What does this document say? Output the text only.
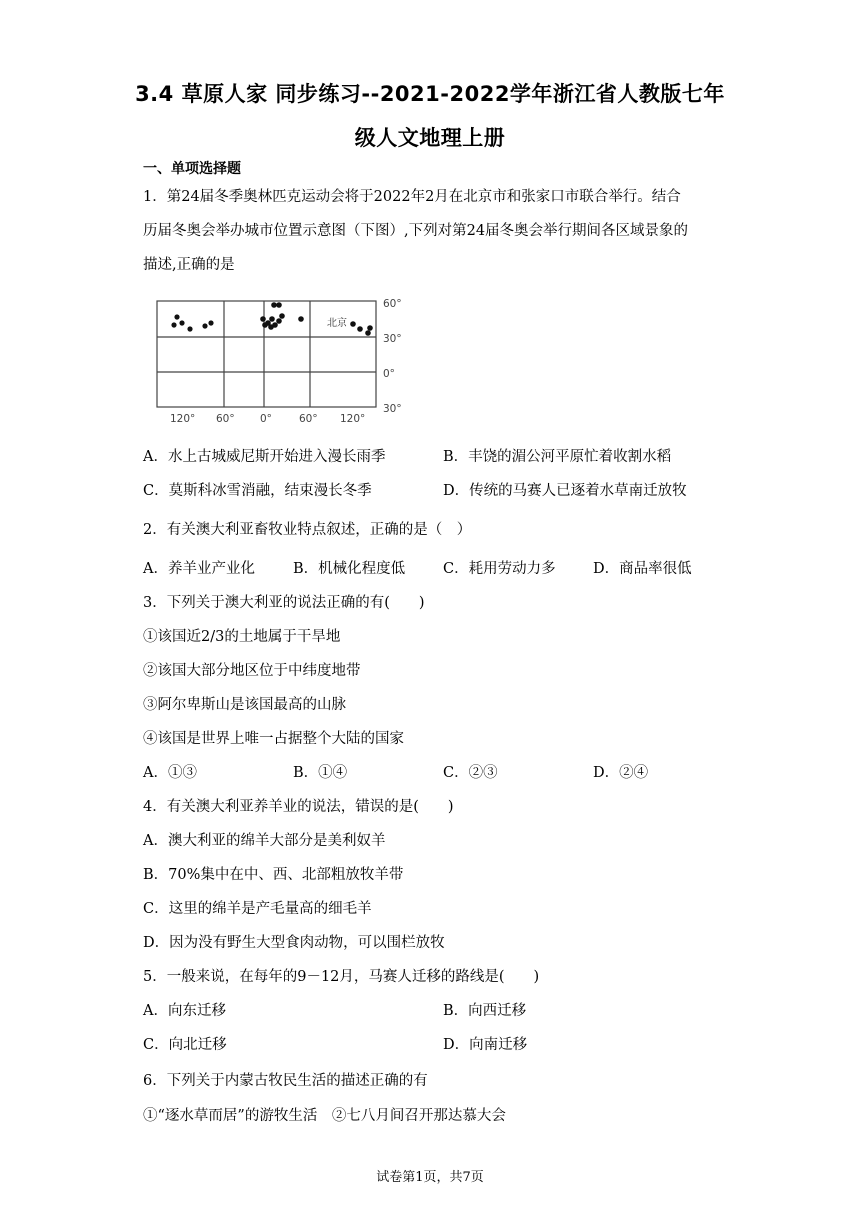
3.4 草原人家 同步练习--2021-2022学年浙江省人教版七年
级人文地理上册
一、单项选择题
1．第24届冬季奥林匹克运动会将于2022年2月在北京市和张家口市联合举行。结合
历届冬奥会举办城市位置示意图（下图）,下列对第24届冬奥会举行期间各区域景象的
描述,正确的是
北京
60°
30°
0°
30°
120° 60° 0°	60° 120°
A．水上古城威尼斯开始进入漫长雨季	B．丰饶的湄公河平原忙着收割水稻
C．莫斯科冰雪消融，结束漫长冬季	D．传统的马赛人已逐着水草南迁放牧
2．有关澳大利亚畜牧业特点叙述，正确的是（　）
A．养羊业产业化	B．机械化程度低	C．耗用劳动力多	D．商品率很低
3．下列关于澳大利亚的说法正确的有(　　)
①该国近2/3的土地属于干旱地
②该国大部分地区位于中纬度地带
③阿尔卑斯山是该国最高的山脉
④该国是世界上唯一占据整个大陆的国家
A．①③	B．①④	C．②③	D．②④
4．有关澳大利亚养羊业的说法，错误的是(　　)
A．澳大利亚的绵羊大部分是美利奴羊
B．70%集中在中、西、北部粗放牧羊带
C．这里的绵羊是产毛量高的细毛羊
D．因为没有野生大型食肉动物，可以围栏放牧
5．一般来说，在每年的9－12月，马赛人迁移的路线是(　　)
A．向东迁移	B．向西迁移
C．向北迁移	D．向南迁移
6．下列关于内蒙古牧民生活的描述正确的有
①“逐水草而居”的游牧生活　②七八月间召开那达慕大会
试卷第1页，共7页
